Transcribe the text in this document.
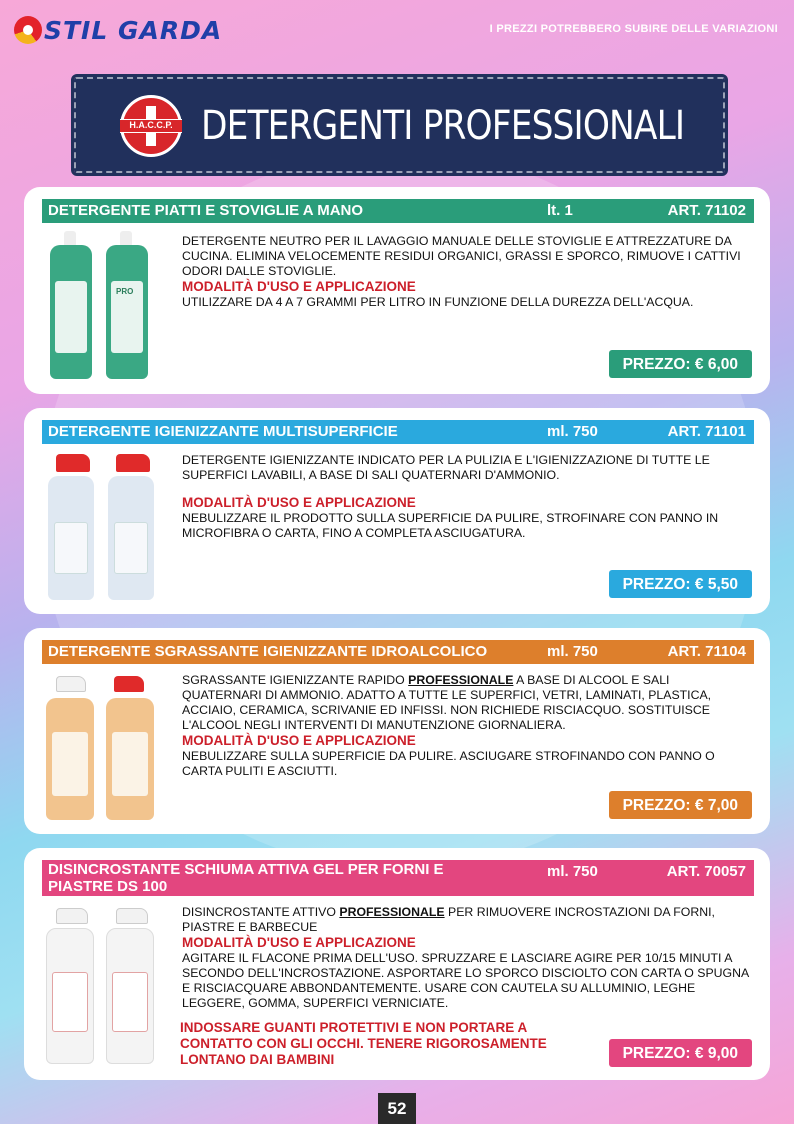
STIL GARDA	I PREZZI POTREBBERO SUBIRE DELLE VARIAZIONI
H.A.C.C.P. DETERGENTI PROFESSIONALI
DETERGENTE PIATTI E STOVIGLIE A MANO	lt. 1	ART. 71102
PRO

DETERGENTE NEUTRO PER IL LAVAGGIO MANUALE DELLE STOVIGLIE E ATTREZZATURE DA CUCINA. ELIMINA VELOCEMENTE RESIDUI ORGANICI, GRASSI E SPORCO, RIMUOVE I CATTIVI ODORI DALLE STOVIGLIE.

MODALITÀ D'USO E APPLICAZIONE

UTILIZZARE DA 4 A 7 GRAMMI PER LITRO IN FUNZIONE DELLA DUREZZA DELL'ACQUA.

PREZZO: € 6,00
DETERGENTE IGIENIZZANTE MULTISUPERFICIE	ml. 750	ART. 71101

DETERGENTE IGIENIZZANTE INDICATO PER LA PULIZIA E L'IGIENIZZAZIONE DI TUTTE LE SUPERFICI LAVABILI, A BASE DI SALI QUATERNARI D'AMMONIO.

MODALITÀ D'USO E APPLICAZIONE

NEBULIZZARE IL PRODOTTO SULLA SUPERFICIE DA PULIRE, STROFINARE CON PANNO IN MICROFIBRA O CARTA, FINO A COMPLETA ASCIUGATURA.

PREZZO: € 5,50
DETERGENTE SGRASSANTE IGIENIZZANTE IDROALCOLICO	ml. 750	ART. 71104

SGRASSANTE IGIENIZZANTE RAPIDO PROFESSIONALE A BASE DI ALCOOL E SALI QUATERNARI DI AMMONIO. ADATTO A TUTTE LE SUPERFICI, VETRI, LAMINATI, PLASTICA, ACCIAIO, CERAMICA, SCRIVANIE ED INFISSI. NON RICHIEDE RISCIACQUO. SOSTITUISCE L'ALCOOL NEGLI INTERVENTI DI MANUTENZIONE GIORNALIERA.

MODALITÀ D'USO E APPLICAZIONE

NEBULIZZARE SULLA SUPERFICIE DA PULIRE. ASCIUGARE STROFINANDO CON PANNO O CARTA PULITI E ASCIUTTI.

PREZZO: € 7,00
DISINCROSTANTE SCHIUMA ATTIVA GEL PER FORNI E PIASTRE DS 100
ml. 750	ART. 70057

DISINCROSTANTE ATTIVO PROFESSIONALE PER RIMUOVERE INCROSTAZIONI DA FORNI, PIASTRE E BARBECUE

MODALITÀ D'USO E APPLICAZIONE

AGITARE IL FLACONE PRIMA DELL'USO. SPRUZZARE E LASCIARE AGIRE PER 10/15 MINUTI A SECONDO DELL'INCROSTAZIONE. ASPORTARE LO SPORCO DISCIOLTO CON CARTA O SPUGNA E RISCIACQUARE ABBONDANTEMENTE. USARE CON CAUTELA SU ALLUMINIO, LEGHE LEGGERE, GOMMA, SUPERFICI VERNICIATE.

INDOSSARE GUANTI PROTETTIVI E NON PORTARE A CONTATTO CON GLI OCCHI. TENERE RIGOROSAMENTE LONTANO DAI BAMBINI	PREZZO: € 9,00
52
